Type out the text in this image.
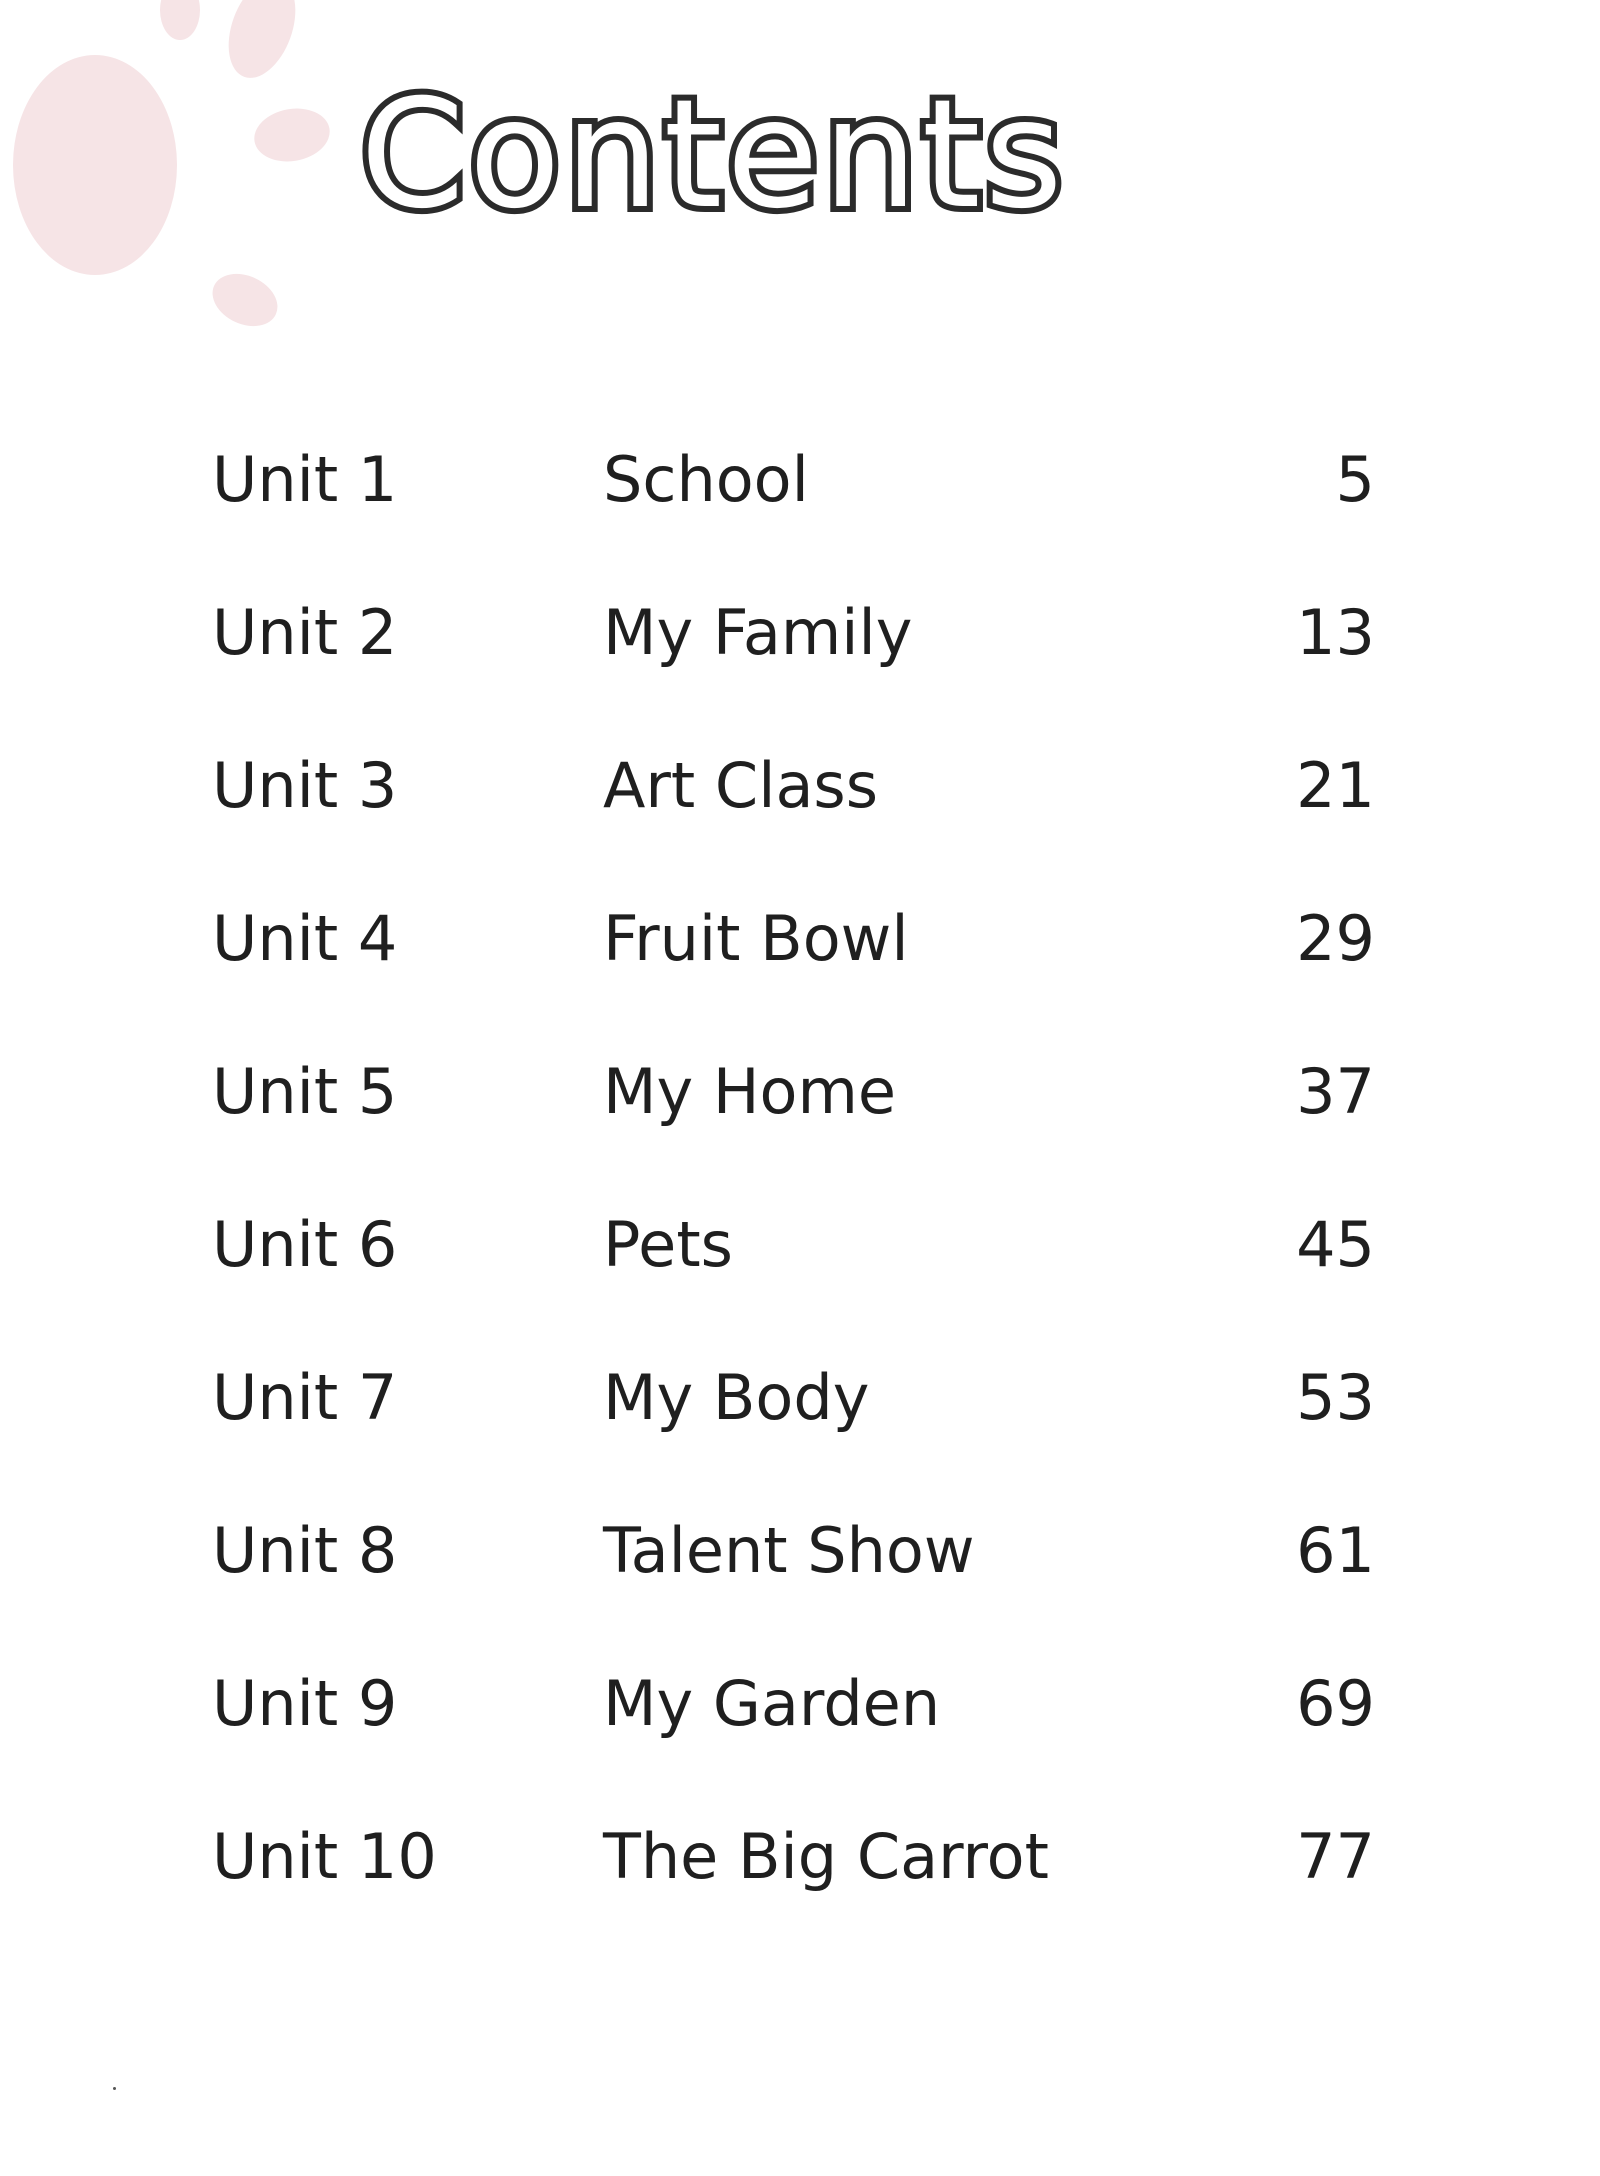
Contents
Unit 1	School	5
Unit 2	My Family	13
Unit 3	Art Class	21
Unit 4	Fruit Bowl	29
Unit 5	My Home	37
Unit 6	Pets	45
Unit 7	My Body	53
Unit 8	Talent Show	61
Unit 9	My Garden	69
Unit 10	The Big Carrot	77
